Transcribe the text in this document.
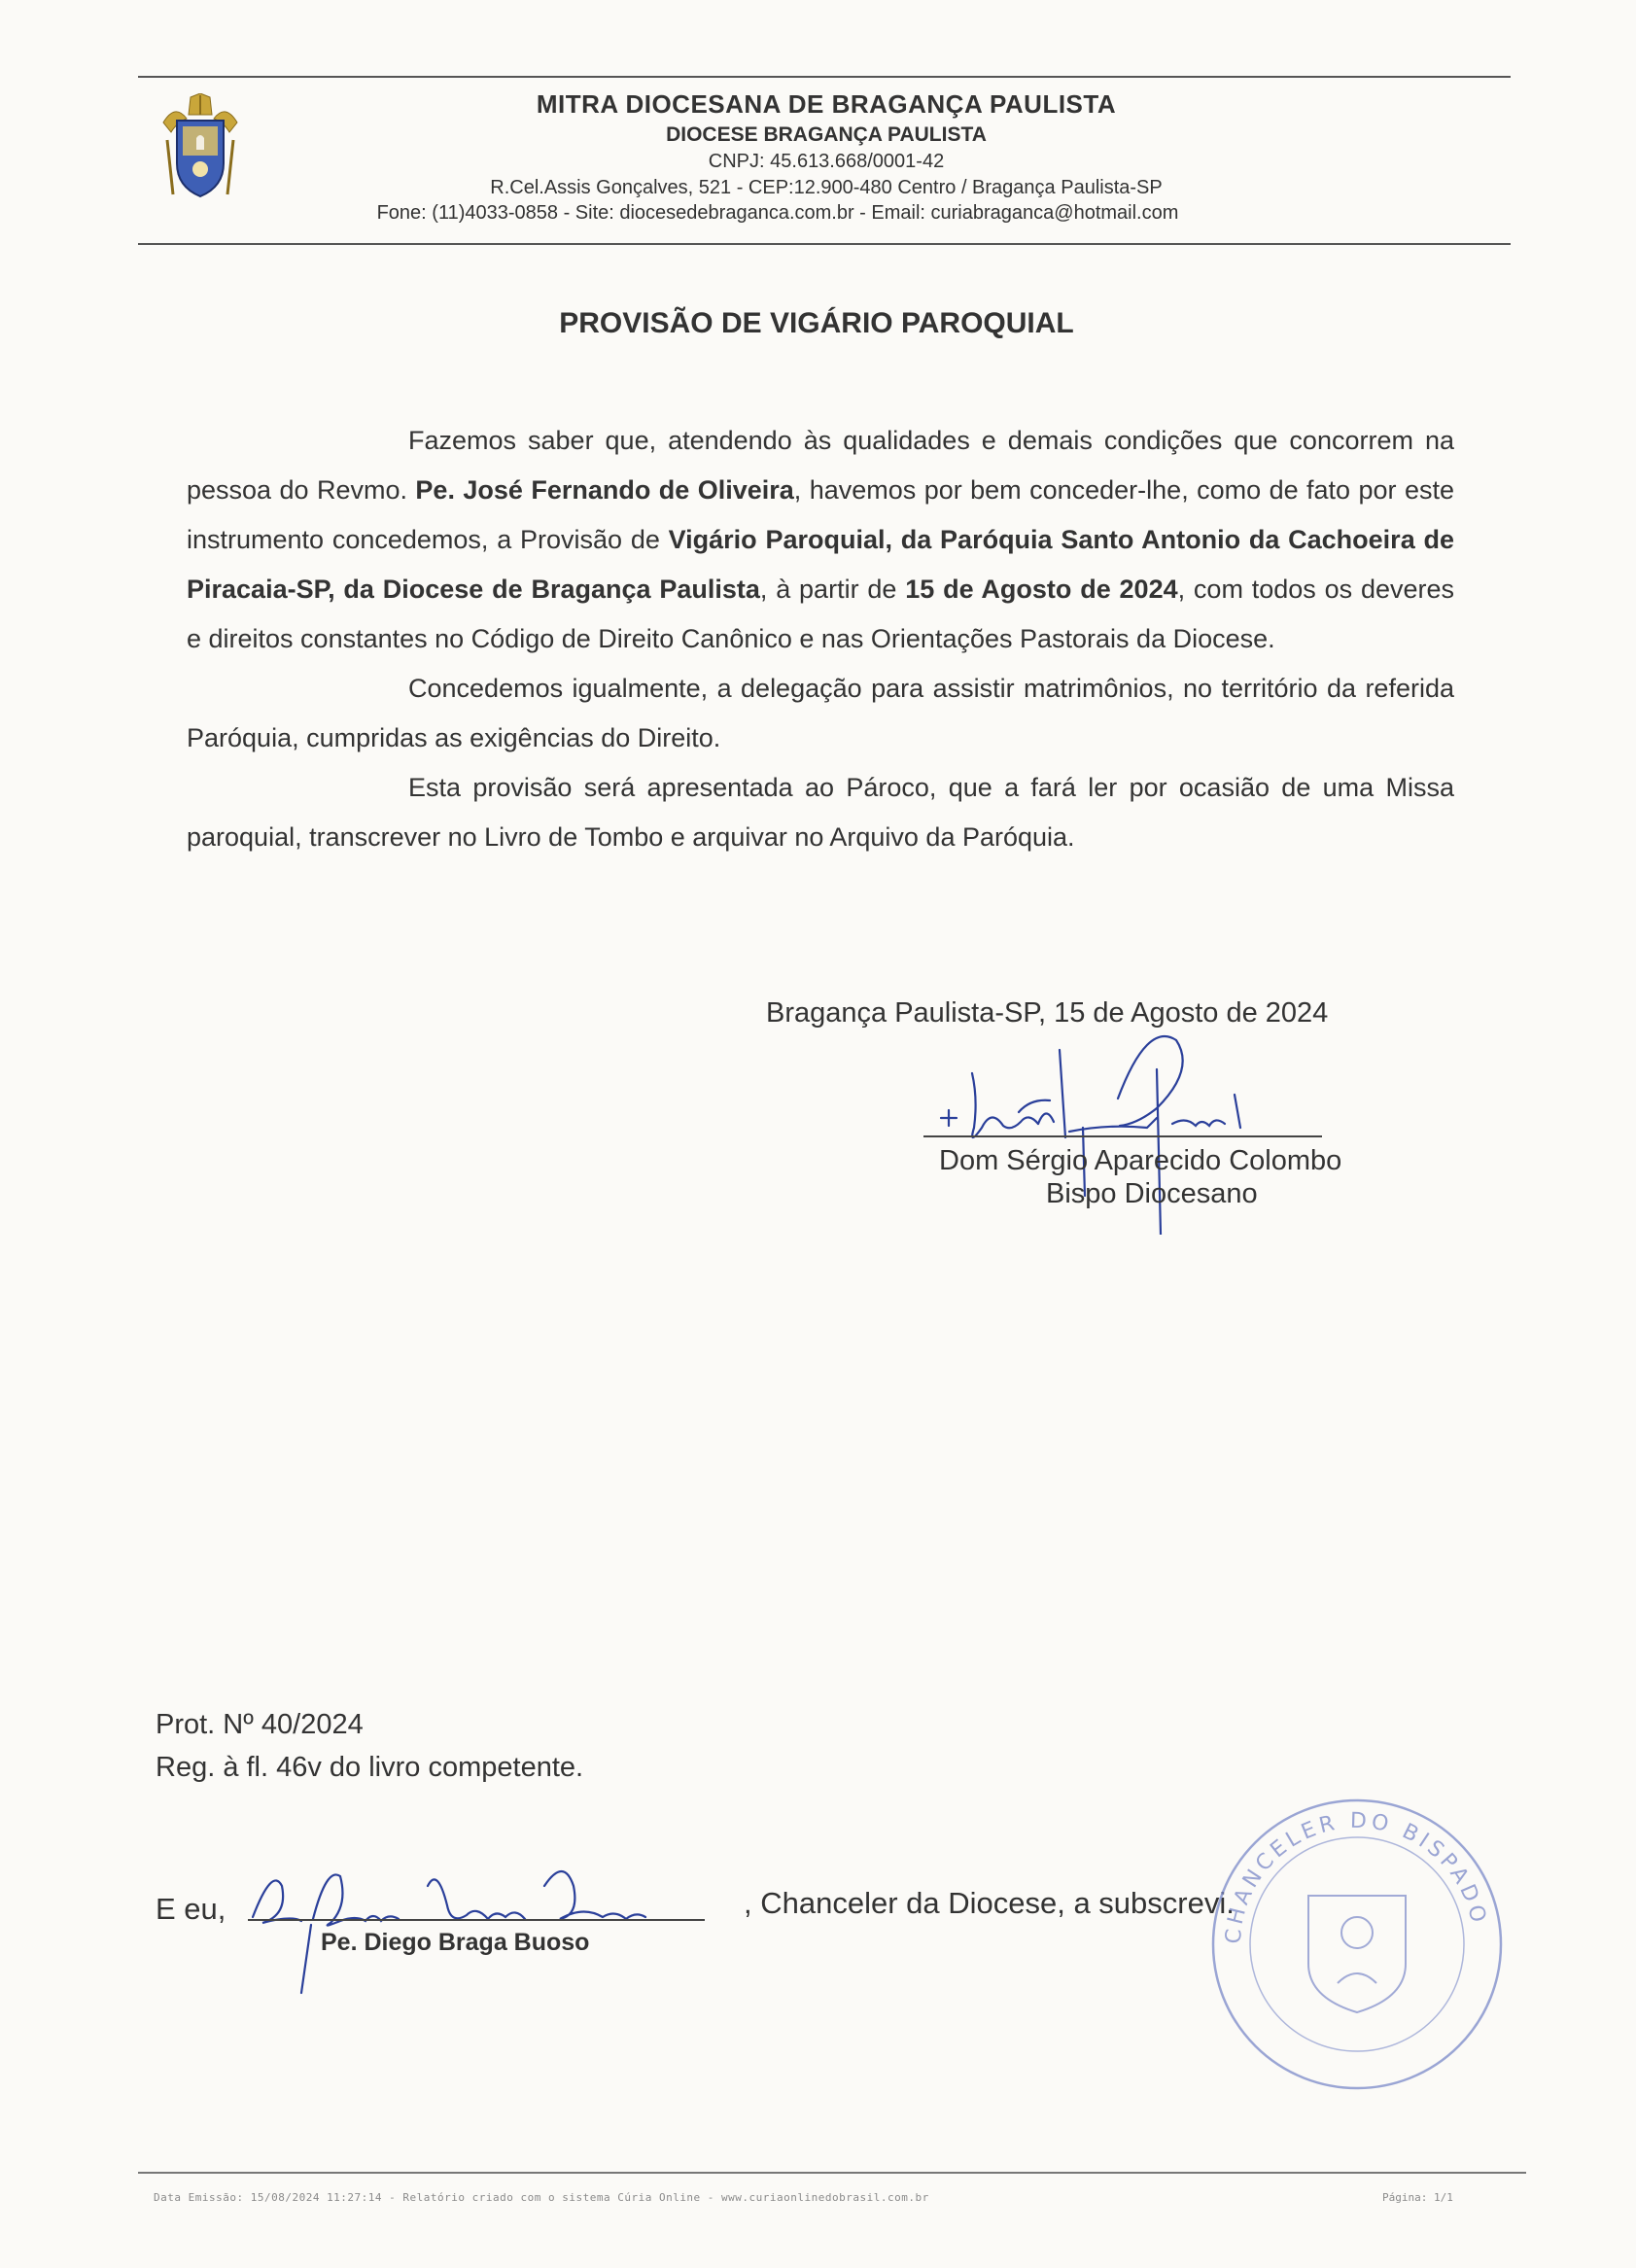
MITRA DIOCESANA DE BRAGANÇA PAULISTA
DIOCESE BRAGANÇA PAULISTA
CNPJ: 45.613.668/0001-42
R.Cel.Assis Gonçalves, 521 - CEP:12.900-480 Centro / Bragança Paulista-SP
Fone: (11)4033-0858 - Site: diocesedebraganca.com.br - Email: curiabraganca@hotmail.com
PROVISÃO DE VIGÁRIO PAROQUIAL

Fazemos saber que, atendendo às qualidades e demais condições que concorrem na pessoa do Revmo. Pe. José Fernando de Oliveira, havemos por bem conceder-lhe, como de fato por este instrumento concedemos, a Provisão de Vigário Paroquial, da Paróquia Santo Antonio da Cachoeira de Piracaia-SP, da Diocese de Bragança Paulista, à partir de 15 de Agosto de 2024, com todos os deveres e direitos constantes no Código de Direito Canônico e nas Orientações Pastorais da Diocese.

Concedemos igualmente, a delegação para assistir matrimônios, no território da referida Paróquia, cumpridas as exigências do Direito.

Esta provisão será apresentada ao Pároco, que a fará ler por ocasião de uma Missa paroquial, transcrever no Livro de Tombo e arquivar no Arquivo da Paróquia.

Bragança Paulista-SP, 15 de Agosto de 2024
Dom Sérgio Aparecido Colombo
Bispo Diocesano
Prot. Nº 40/2024
Reg. à fl. 46v do livro competente.
E eu,
Pe. Diego Braga Buoso
, Chanceler da Diocese, a subscrevi.
CHANCELER DO BISPADO
Data Emissão: 15/08/2024 11:27:14 - Relatório criado com o sistema Cúria Online - www.curiaonlinedobrasil.com.br	Página: 1/1
